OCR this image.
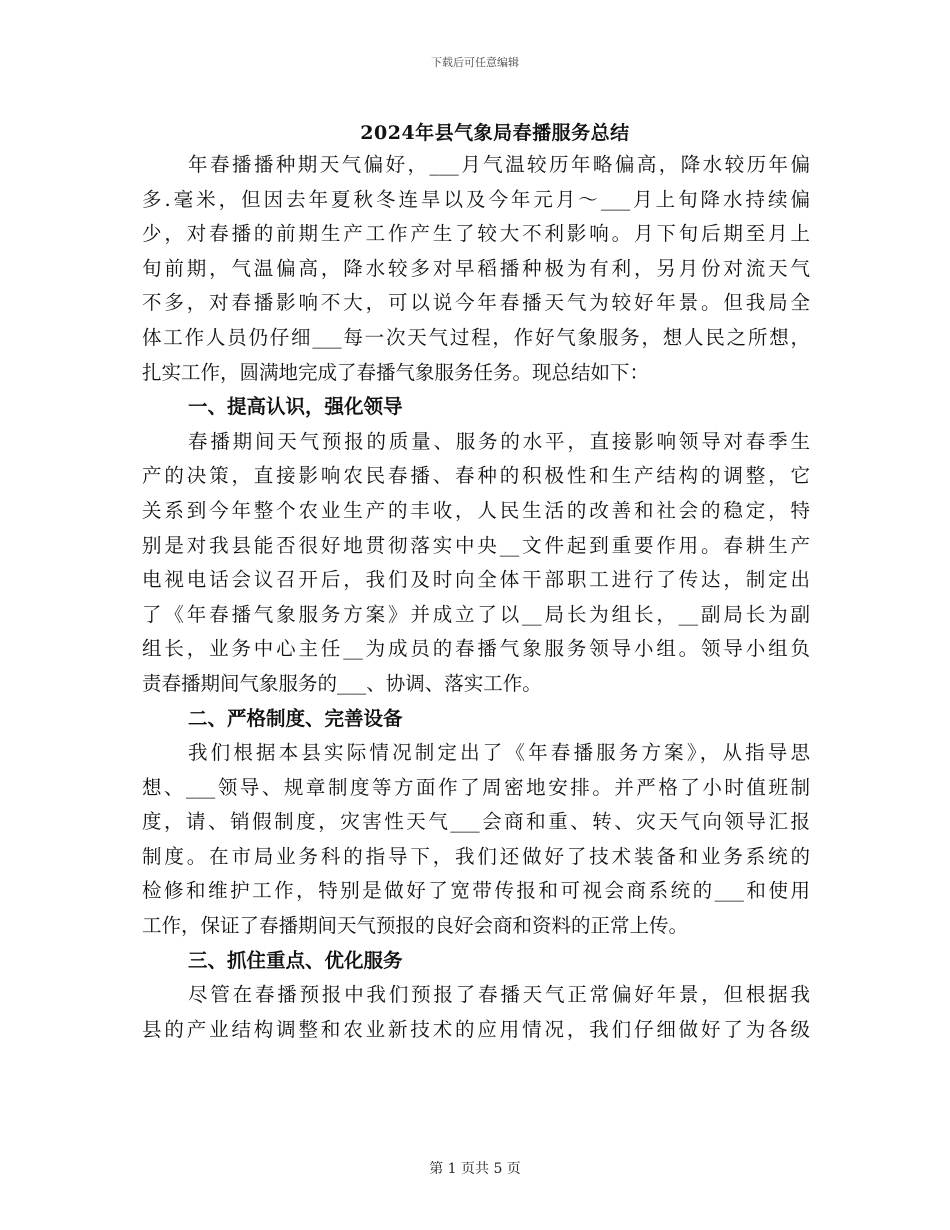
下载后可任意编辑
2024年县气象局春播服务总结
年春播播种期天气偏好，___月气温较历年略偏高，降水较历年偏
多.毫米，但因去年夏秋冬连旱以及今年元月～___月上旬降水持续偏
少，对春播的前期生产工作产生了较大不利影响。月下旬后期至月上
旬前期，气温偏高，降水较多对早稻播种极为有利，另月份对流天气
不多，对春播影响不大，可以说今年春播天气为较好年景。但我局全
体工作人员仍仔细___每一次天气过程，作好气象服务，想人民之所想，
扎实工作，圆满地完成了春播气象服务任务。现总结如下：
一、提高认识，强化领导
春播期间天气预报的质量、服务的水平，直接影响领导对春季生
产的决策，直接影响农民春播、春种的积极性和生产结构的调整，它
关系到今年整个农业生产的丰收，人民生活的改善和社会的稳定，特
别是对我县能否很好地贯彻落实中央__文件起到重要作用。春耕生产
电视电话会议召开后，我们及时向全体干部职工进行了传达，制定出
了《年春播气象服务方案》并成立了以__局长为组长，__副局长为副
组长，业务中心主任__为成员的春播气象服务领导小组。领导小组负
责春播期间气象服务的___、协调、落实工作。
二、严格制度、完善设备
我们根据本县实际情况制定出了《年春播服务方案》，从指导思
想、___领导、规章制度等方面作了周密地安排。并严格了小时值班制
度，请、销假制度，灾害性天气___会商和重、转、灾天气向领导汇报
制度。在市局业务科的指导下，我们还做好了技术装备和业务系统的
检修和维护工作，特别是做好了宽带传报和可视会商系统的___和使用
工作，保证了春播期间天气预报的良好会商和资料的正常上传。
三、抓住重点、优化服务
尽管在春播预报中我们预报了春播天气正常偏好年景，但根据我
县的产业结构调整和农业新技术的应用情况，我们仔细做好了为各级
第 1 页共 5 页
